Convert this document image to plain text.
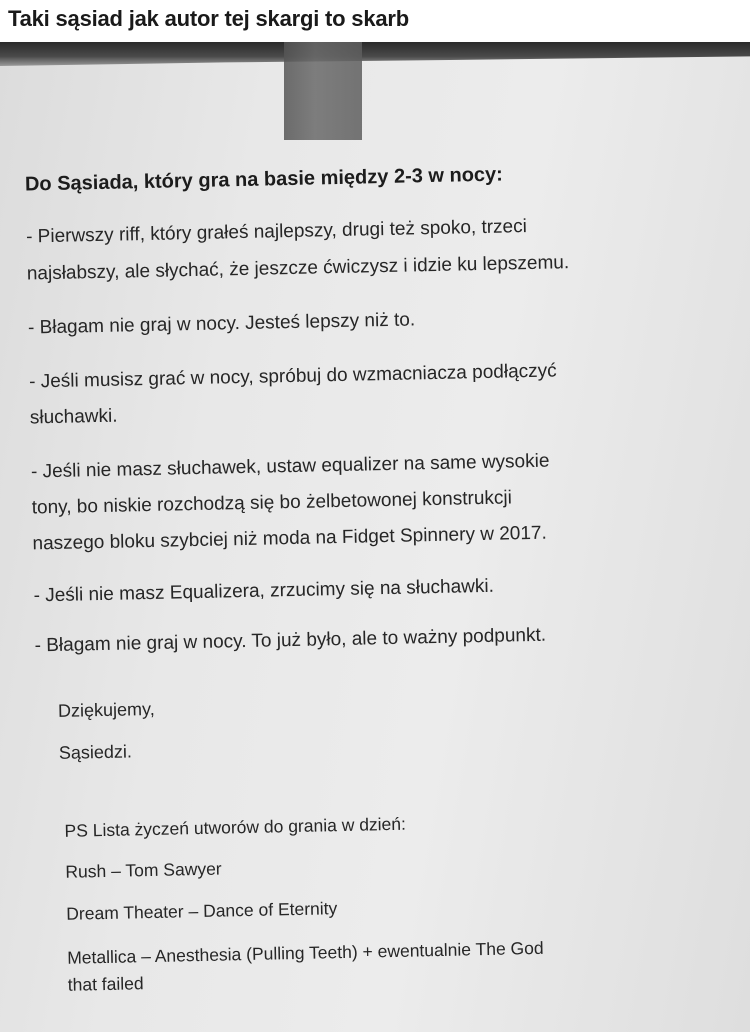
Taki sąsiad jak autor tej skargi to skarb
Do Sąsiada, który gra na basie między 2-3 w nocy:
- Pierwszy riff, który grałeś najlepszy, drugi też spoko, trzeci
najsłabszy, ale słychać, że jeszcze ćwiczysz i idzie ku lepszemu.
- Błagam nie graj w nocy. Jesteś lepszy niż to.
- Jeśli musisz grać w nocy, spróbuj do wzmacniacza podłączyć
słuchawki.
- Jeśli nie masz słuchawek, ustaw equalizer na same wysokie
tony, bo niskie rozchodzą się bo żelbetowonej konstrukcji
naszego bloku szybciej niż moda na Fidget Spinnery w 2017.
- Jeśli nie masz Equalizera, zrzucimy się na słuchawki.
- Błagam nie graj w nocy. To już było, ale to ważny podpunkt.
Dziękujemy,
Sąsiedzi.
PS Lista życzeń utworów do grania w dzień:
Rush – Tom Sawyer
Dream Theater – Dance of Eternity
Metallica – Anesthesia (Pulling Teeth) + ewentualnie The God
that failed
